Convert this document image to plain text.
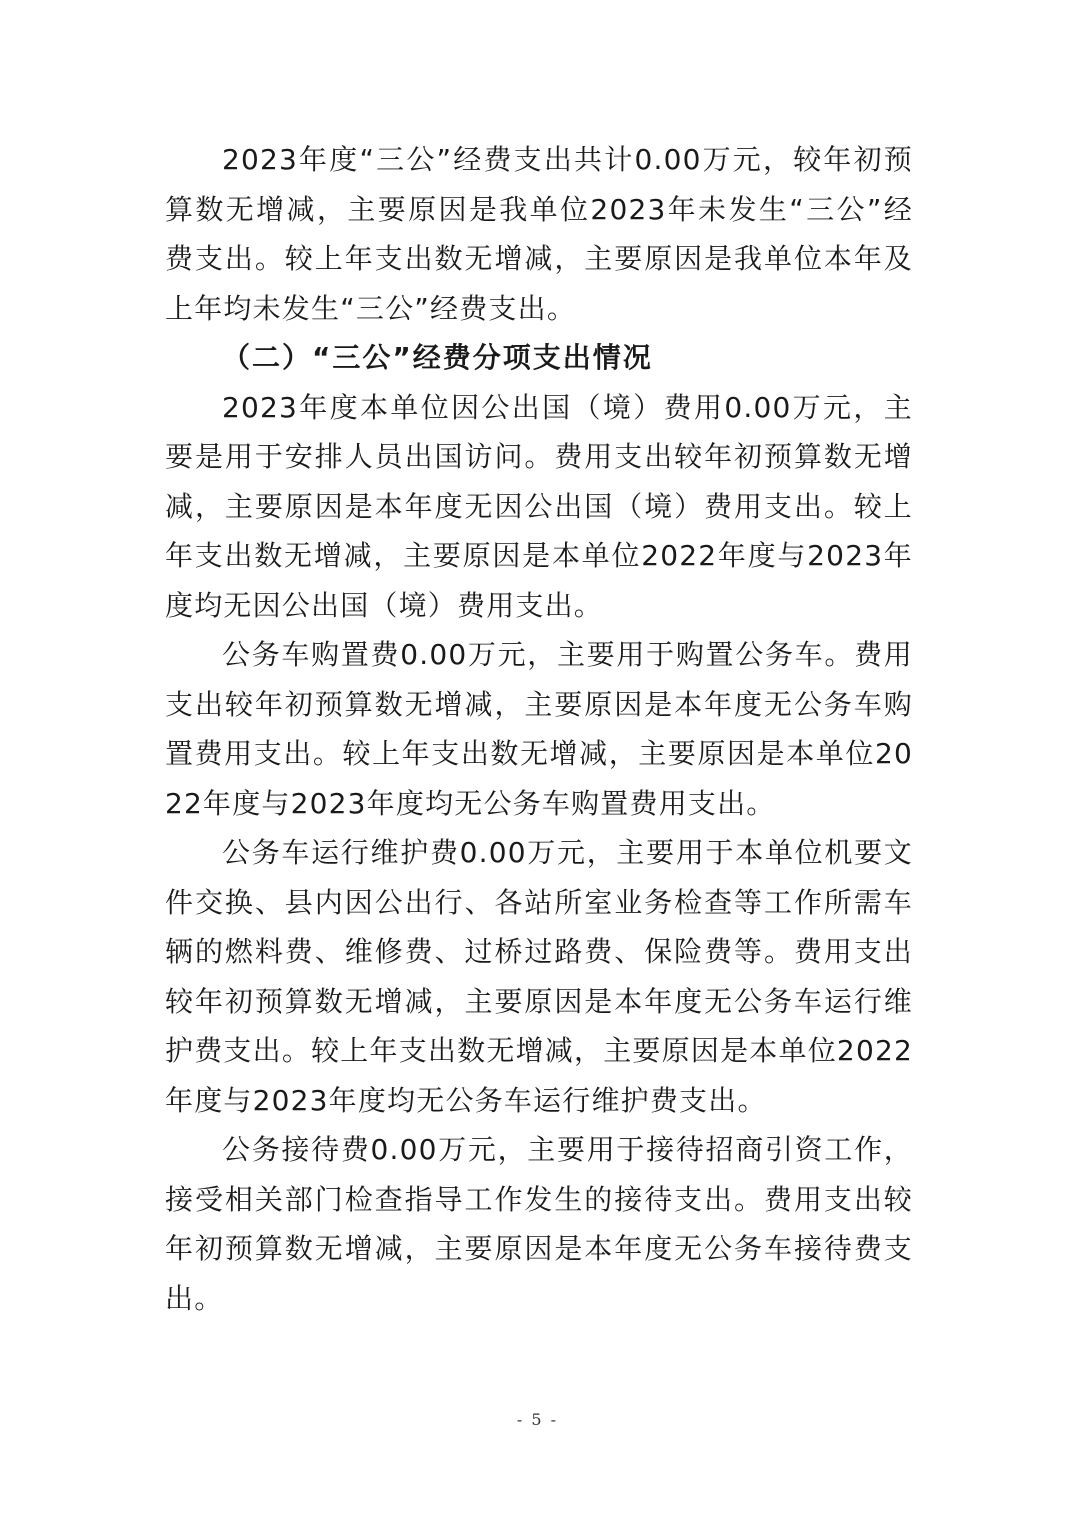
2023年度“三公”经费支出共计0.00万元，较年初预算数无增减，主要原因是我单位2023年未发生“三公”经费支出。较上年支出数无增减，主要原因是我单位本年及上年均未发生“三公”经费支出。

（二）“三公”经费分项支出情况

2023年度本单位因公出国（境）费用0.00万元，主要是用于安排人员出国访问。费用支出较年初预算数无增减，主要原因是本年度无因公出国（境）费用支出。较上年支出数无增减，主要原因是本单位2022年度与2023年度均无因公出国（境）费用支出。

公务车购置费0.00万元，主要用于购置公务车。费用支出较年初预算数无增减，主要原因是本年度无公务车购置费用支出。较上年支出数无增减，主要原因是本单位2022年度与2023年度均无公务车购置费用支出。

公务车运行维护费0.00万元，主要用于本单位机要文件交换、县内因公出行、各站所室业务检查等工作所需车辆的燃料费、维修费、过桥过路费、保险费等。费用支出较年初预算数无增减，主要原因是本年度无公务车运行维护费支出。较上年支出数无增减，主要原因是本单位2022年度与2023年度均无公务车运行维护费支出。

公务接待费0.00万元，主要用于接待招商引资工作，接受相关部门检查指导工作发生的接待支出。费用支出较年初预算数无增减，主要原因是本年度无公务车接待费支出。

- 5 -
